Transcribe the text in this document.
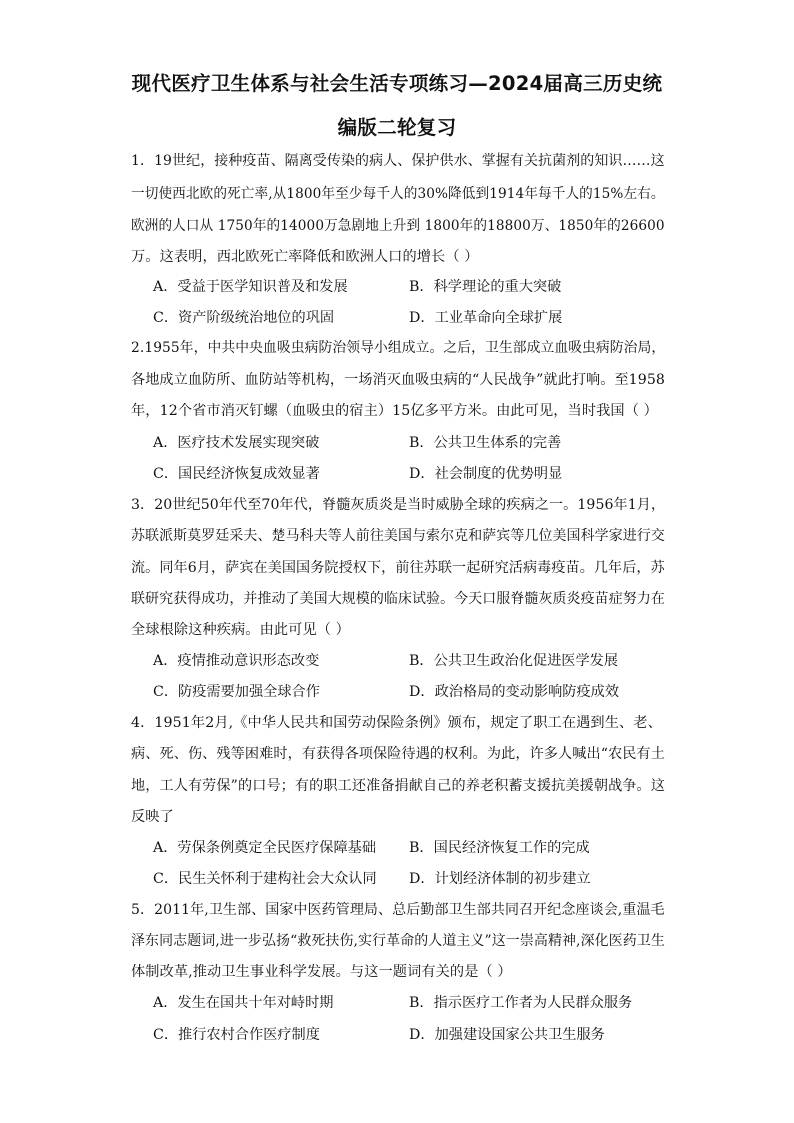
现代医疗卫生体系与社会生活专项练习—2024届高三历史统
编版二轮复习
1．19世纪，接种疫苗、隔离受传染的病人、保护供水、掌握有关抗菌剂的知识……这
一切使西北欧的死亡率,从1800年至少每千人的30%降低到1914年每千人的15%左右。
欧洲的人口从 1750年的14000万急剧地上升到 1800年的18800万、1850年的26600
万。这表明，西北欧死亡率降低和欧洲人口的增长（ ）
A．受益于医学知识普及和发展	B．科学理论的重大突破
C．资产阶级统治地位的巩固	D．工业革命向全球扩展
2.1955年，中共中央血吸虫病防治领导小组成立。之后，卫生部成立血吸虫病防治局，
各地成立血防所、血防站等机构，一场消灭血吸虫病的“人民战争”就此打响。至1958
年，12个省市消灭钉螺（血吸虫的宿主）15亿多平方米。由此可见，当时我国（ ）
A．医疗技术发展实现突破	B．公共卫生体系的完善
C．国民经济恢复成效显著	D．社会制度的优势明显
3．20世纪50年代至70年代，脊髓灰质炎是当时威胁全球的疾病之一。1956年1月，
苏联派斯莫罗廷采夫、楚马科夫等人前往美国与索尔克和萨宾等几位美国科学家进行交
流。同年6月，萨宾在美国国务院授权下，前往苏联一起研究活病毒疫苗。几年后，苏
联研究获得成功，并推动了美国大规模的临床试验。今天口服脊髓灰质炎疫苗症努力在
全球根除这种疾病。由此可见（ ）
A．疫情推动意识形态改变	B．公共卫生政治化促进医学发展
C．防疫需要加强全球合作	D．政治格局的变动影响防疫成效
4．1951年2月,《中华人民共和国劳动保险条例》颁布，规定了职工在遇到生、老、
病、死、伤、残等困难时，有获得各项保险待遇的权利。为此，许多人喊出“农民有土
地，工人有劳保”的口号；有的职工还准备捐献自己的养老积蓄支援抗美援朝战争。这
反映了
A．劳保条例奠定全民医疗保障基础 B．国民经济恢复工作的完成
C．民生关怀利于建构社会大众认同 D．计划经济体制的初步建立
5．2011年,卫生部、国家中医药管理局、总后勤部卫生部共同召开纪念座谈会,重温毛
泽东同志题词,进一步弘扬“救死扶伤,实行革命的人道主义”这一崇高精神,深化医药卫生
体制改革,推动卫生事业科学发展。与这一题词有关的是（ ）
A．发生在国共十年对峙时期	B．指示医疗工作者为人民群众服务
C．推行农村合作医疗制度	D．加强建设国家公共卫生服务
